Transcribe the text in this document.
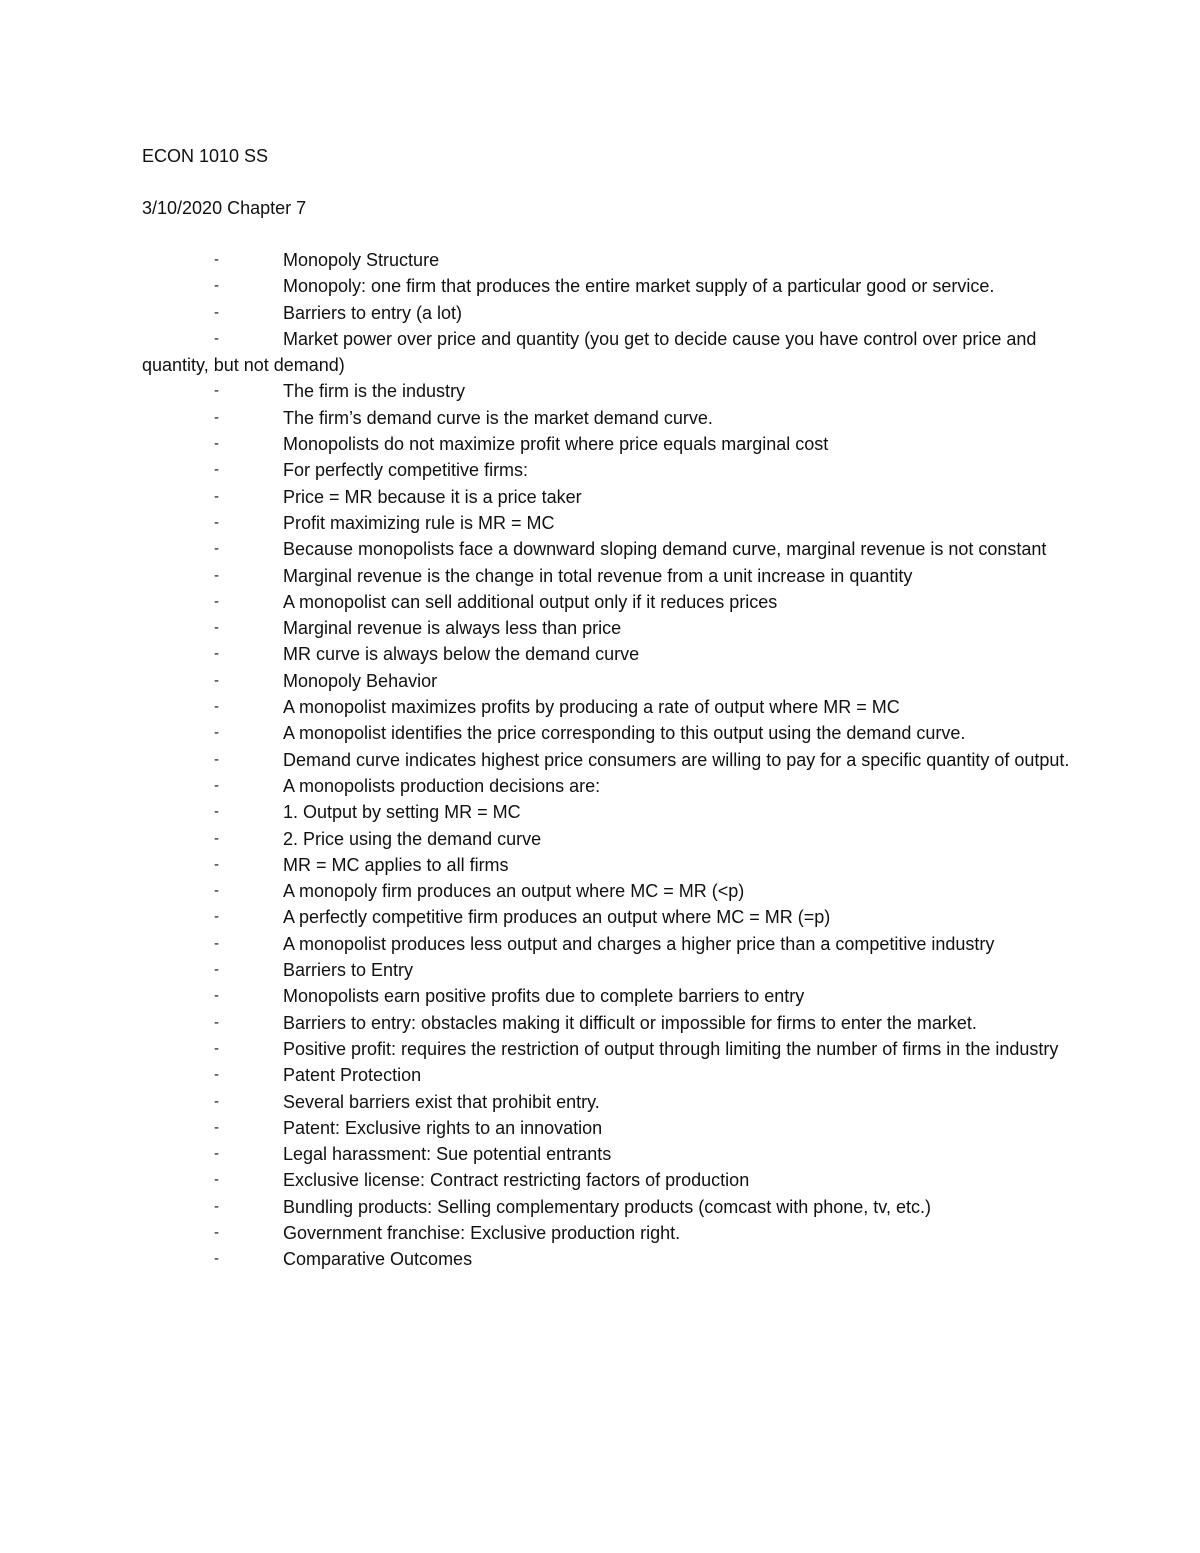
ECON 1010 SS
3/10/2020 Chapter 7
-	Monopoly Structure
-	Monopoly: one firm that produces the entire market supply of a particular good or service.
-	Barriers to entry (a lot)
-	Market power over price and quantity (you get to decide cause you have control over price and quantity, but not demand)
-	The firm is the industry
-	The firm’s demand curve is the market demand curve.
-	Monopolists do not maximize profit where price equals marginal cost
-	For perfectly competitive firms:
-	Price = MR because it is a price taker
-	Profit maximizing rule is MR = MC
-	Because monopolists face a downward sloping demand curve, marginal revenue is not constant
-	Marginal revenue is the change in total revenue from a unit increase in quantity
-	A monopolist can sell additional output only if it reduces prices
-	Marginal revenue is always less than price
-	MR curve is always below the demand curve
-	Monopoly Behavior
-	A monopolist maximizes profits by producing a rate of output where MR = MC
-	A monopolist identifies the price corresponding to this output using the demand curve.
-	Demand curve indicates highest price consumers are willing to pay for a specific quantity of output.
-	A monopolists production decisions are:
-	1. Output by setting MR = MC
-	2. Price using the demand curve
-	MR = MC applies to all firms
-	A monopoly firm produces an output where MC = MR (<p)
-	A perfectly competitive firm produces an output where MC = MR (=p)
-	A monopolist produces less output and charges a higher price than a competitive industry
-	Barriers to Entry
-	Monopolists earn positive profits due to complete barriers to entry
-	Barriers to entry: obstacles making it difficult or impossible for firms to enter the market.
-	Positive profit: requires the restriction of output through limiting the number of firms in the industry
-	Patent Protection
-	Several barriers exist that prohibit entry.
-	Patent: Exclusive rights to an innovation
-	Legal harassment: Sue potential entrants
-	Exclusive license: Contract restricting factors of production
-	Bundling products: Selling complementary products (comcast with phone, tv, etc.)
-	Government franchise: Exclusive production right.
-	Comparative Outcomes
